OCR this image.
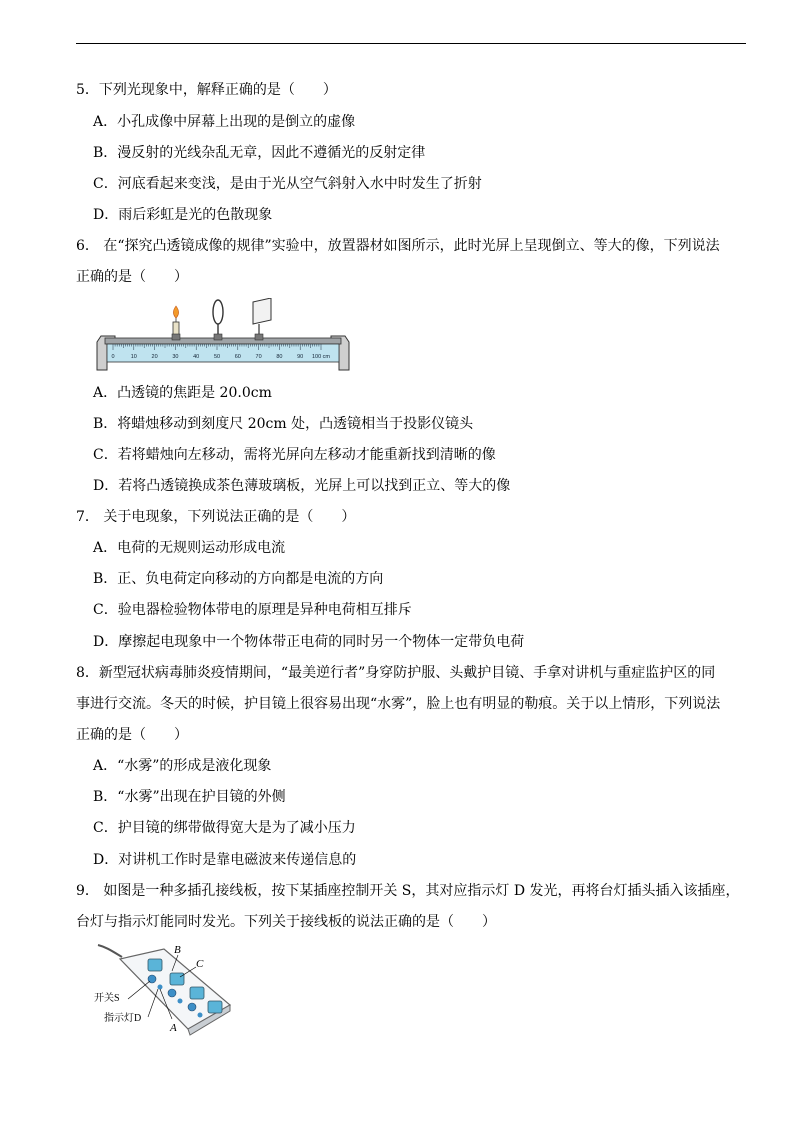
5．下列光现象中，解释正确的是（　　）
A．小孔成像中屏幕上出现的是倒立的虚像
B．漫反射的光线杂乱无章，因此不遵循光的反射定律
C．河底看起来变浅，是由于光从空气斜射入水中时发生了折射
D．雨后彩虹是光的色散现象
6． 在“探究凸透镜成像的规律”实验中，放置器材如图所示，此时光屏上呈现倒立、等大的像，下列说法
正确的是（　　）
0	10	20	30	40	50	60	70	80	90 100 cm
A．凸透镜的焦距是 20.0cm
B．将蜡烛移动到刻度尺 20cm 处，凸透镜相当于投影仪镜头
C．若将蜡烛向左移动，需将光屏向左移动才能重新找到清晰的像
D．若将凸透镜换成茶色薄玻璃板，光屏上可以找到正立、等大的像
7． 关于电现象，下列说法正确的是（　　）
A．电荷的无规则运动形成电流
B．正、负电荷定向移动的方向都是电流的方向
C．验电器检验物体带电的原理是异种电荷相互排斥
D．摩擦起电现象中一个物体带正电荷的同时另一个物体一定带负电荷
8．新型冠状病毒肺炎疫情期间，“最美逆行者”身穿防护服、头戴护目镜、手拿对讲机与重症监护区的同
事进行交流。冬天的时候，护目镜上很容易出现“水雾”，脸上也有明显的勒痕。关于以上情形，下列说法
正确的是（　　）
A．“水雾”的形成是液化现象
B．“水雾”出现在护目镜的外侧
C．护目镜的绑带做得宽大是为了减小压力
D．对讲机工作时是靠电磁波来传递信息的
9． 如图是一种多插孔接线板，按下某插座控制开关 S，其对应指示灯 D 发光，再将台灯插头插入该插座，
台灯与指示灯能同时发光。下列关于接线板的说法正确的是（　　）
B
C
A
开关S
指示灯D
